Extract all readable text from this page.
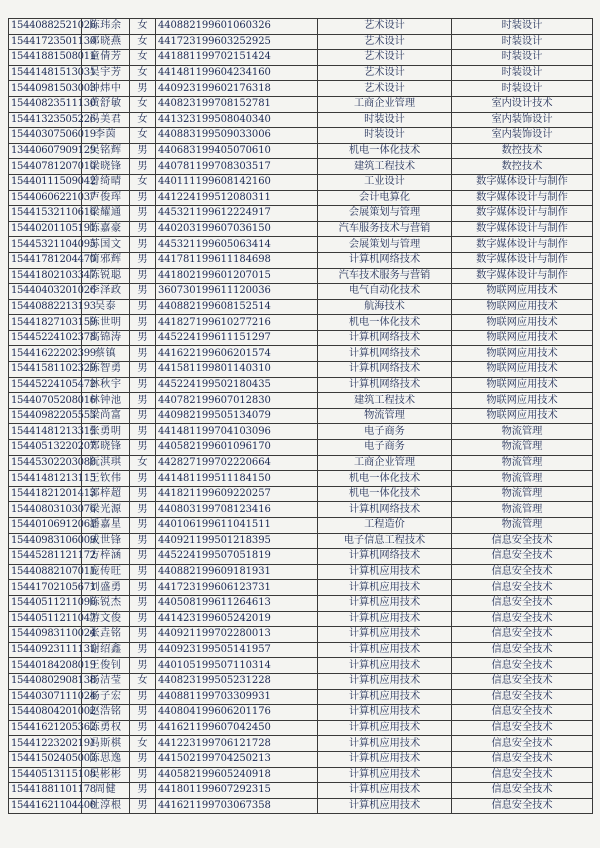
15440882521026	陈玮余	女	440882199601060326	艺术设计	时装设计
15441723501130	邓晓燕	女	441723199603252925	艺术设计	时装设计
15441881508011	童倩芳	女	441881199702151424	艺术设计	时装设计
15441481513031	吴宇芳	女	441481199604234160	艺术设计	时装设计
15440981503003	钟炜中	男	440923199602176318	艺术设计	时装设计
15440823511130	黄舒敏	女	440823199708152781	工商企业管理	室内设计技术
15441323505226	冯美君	女	441323199508040340	时装设计	室内装饰设计
15440307506019	李茵	女	440883199509033006	时装设计	室内装饰设计
13440607909129	吴铭辉	男	440683199405070610	机电一体化技术	数控技术
15440781207010	梁晓锋	男	440781199708303517	建筑工程技术	数控技术
15440111509042	曾绮晴	女	440111199608142160	工业设计	数字媒体设计与制作
15440606221037	卢俊珲	男	441224199512080311	会计电算化	数字媒体设计与制作
15441532110616	梁耀通	男	445321199612224917	会展策划与管理	数字媒体设计与制作
15440201105191	陈嘉豪	男	440203199607036150	汽车服务技术与营销	数字媒体设计与制作
15445321104095	苏国文	男	445321199605063414	会展策划与管理	数字媒体设计与制作
15441781204470	简邪辉	男	441781199611184698	计算机网络技术	数字媒体设计与制作
15441802103347	陈锐聪	男	441802199601207015	汽车技术服务与营销	数字媒体设计与制作
15440403201026	李泽政	男	360730199611120036	电气自动化技术	物联网应用技术
15440882213193	吴泰	男	440882199608152514	航海技术	物联网应用技术
15441827103159	陈世明	男	441827199610277216	机电一体化技术	物联网应用技术
15445224102378	高锦涛	男	445224199611151297	计算机网络技术	物联网应用技术
15441622202399	蔡镇	男	441622199606201574	计算机网络技术	物联网应用技术
15441581102329	陈智勇	男	441581199801140310	计算机网络技术	物联网应用技术
15445224105472	林秋宇	男	445224199502180435	计算机网络技术	物联网应用技术
15440705208016	林钟池	男	440782199607012830	建筑工程技术	物联网应用技术
15440982205553	梁尚富	男	440982199505134079	物流管理	物联网应用技术
15441481213315	张勇明	男	441481199704103096	电子商务	物流管理
15440513220207	郑晓锋	男	440582199601096170	电子商务	物流管理
15445302203088	阮淇琪	女	442827199702220664	工商企业管理	物流管理
15441481213115	王钦伟	男	441481199511184150	机电一体化技术	物流管理
15441821201413	郭梓超	男	441821199609220257	机电一体化技术	物流管理
15440803103076	梁光源	男	440803199708123416	计算机网络技术	物流管理
15440106912061	潘嘉星	男	440106199611041511	工程造价	物流管理
15440983106009	成世锋	男	440921199501218395	电子信息工程技术	信息安全技术
15445281121172	方梓涵	男	445224199507051819	计算机网络技术	信息安全技术
15440882107011	庞传旺	男	440882199609181931	计算机应用技术	信息安全技术
15441702105671	刘盛勇	男	441723199606123731	计算机应用技术	信息安全技术
15440511211096	陈锐杰	男	440508199611264613	计算机应用技术	信息安全技术
15440511211047	游文俊	男	441423199605242019	计算机应用技术	信息安全技术
15440983110024	张垚铭	男	440921199702280013	计算机应用技术	信息安全技术
15440923111131	谢绍鑫	男	440923199505141957	计算机应用技术	信息安全技术
15440184208019	王俊钊	男	440105199507110314	计算机应用技术	信息安全技术
15440802908138	杨洁莹	女	440823199505231228	计算机应用技术	信息安全技术
15440307111024	杨子宏	男	440881199703309931	计算机应用技术	信息安全技术
15440804201002	赵浩铭	男	440804199606201176	计算机应用技术	信息安全技术
15441621205362	陈勇权	男	441621199607042450	计算机应用技术	信息安全技术
15441223202191	冯斯棋	女	441223199706121728	计算机应用技术	信息安全技术
15441502405003	陈思逸	男	441502199704250213	计算机应用技术	信息安全技术
15440513115108	吴彬彬	男	440582199605240918	计算机应用技术	信息安全技术
15441881101178	周健	男	441801199607292315	计算机应用技术	信息安全技术
15441621104400	杜淳根	男	441621199703067358	计算机应用技术	信息安全技术
